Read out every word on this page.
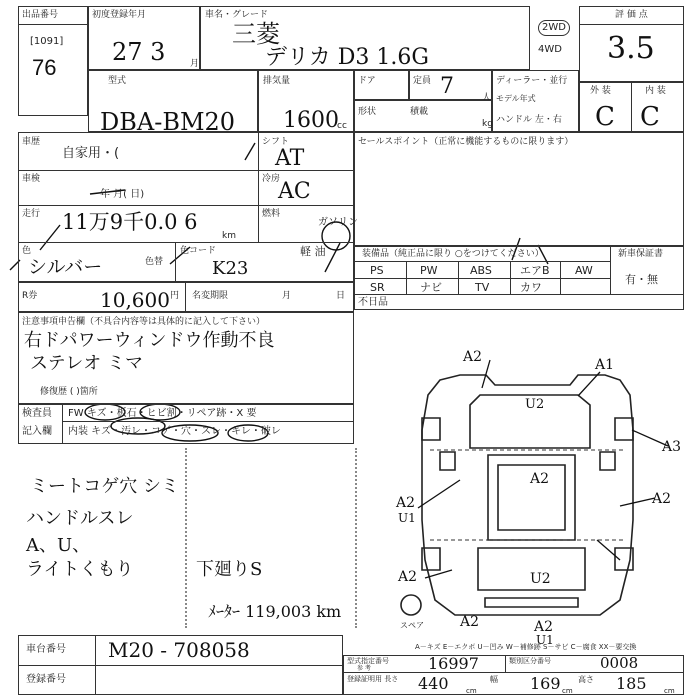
出品番号
[1091]
76
初度登録年月
27 3	月
車名・グレード
三菱
デリカ D3 1.6G
2WD
4WD
評 価 点
3.5
型式
DBA-BM20
排気量
1600
cc
ドア	定員 7	人
ディーラー・並行
モデル年式
ハンドル 左・右
形状	積載
kg
外 装	内 装
C C
車歴
自家用・(
シフト
AT
車検
年 月( 日)
冷房
AC
走行 11万9千0.0 6
km
燃料
ガソリン
軽 油
色
シルバー	色替
色コード
K23
R券	10,600 円 名変期限	月	日
注意事項申告欄（不具合内容等は具体的に記入して下さい）
右ドパワーウィンドウ作動不良
ステレオ ミマ
修復歴 ( )箇所
検査員
記入欄
FW キズ・板石・ヒビ割・リペア跡・X 要
内装 キズ・汚レ・コゲ・穴・スレ・キレ・破レ
ミートコゲ穴 シミ
ハンドルスレ
A、U、
ライトくもり	下廻りS
ﾒｰﾀｰ 119,003 km
セールスポイント（正常に機能するものに限ります）
装備品（純正品に限り ○をつけてください）	新車保証書
有・無
PS	PW	ABS	エアB AW
SR	ナビ	TV	カワ
不日品
A2	A1
U2
A2
A3
A2
A2
U1
U2
A2
A2	A2
U1
スペア
A－キズ E－エクボ U－凹み W－補修跡 S－サビ C－腐食 XX－要交換
車台番号
登録番号
M20 - 708058	型式指定番号
参 考	16997	類別区分番号	0008
登録証明用 長さ 440 cm
幅 169 cm
高さ 185 cm
